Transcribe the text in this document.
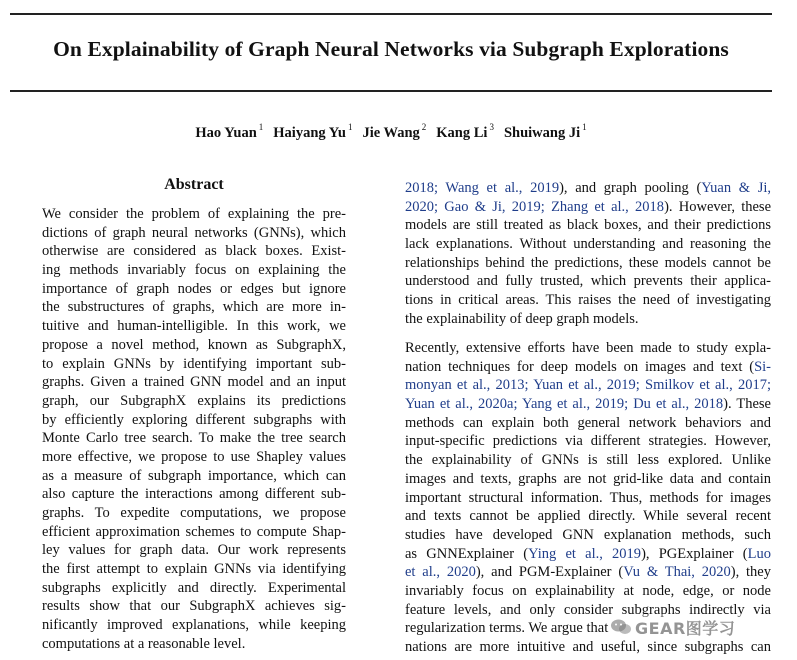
On Explainability of Graph Neural Networks via Subgraph Explorations
Hao Yuan $^1$ Haiyang Yu $^1$ Jie Wang $^2$ Kang Li $^3$ Shuiwang Ji $^1$
Abstract
We consider the problem of explaining the pre-
dictions of graph neural networks (GNNs), which
otherwise are considered as black boxes. Exist-
ing methods invariably focus on explaining the
importance of graph nodes or edges but ignore
the substructures of graphs, which are more in-
tuitive and human-intelligible. In this work, we
propose a novel method, known as SubgraphX,
to explain GNNs by identifying important sub-
graphs. Given a trained GNN model and an input
graph, our SubgraphX explains its predictions
by efficiently exploring different subgraphs with
Monte Carlo tree search. To make the tree search
more effective, we propose to use Shapley values
as a measure of subgraph importance, which can
also capture the interactions among different sub-
graphs. To expedite computations, we propose
efficient approximation schemes to compute Shap-
ley values for graph data. Our work represents
the first attempt to explain GNNs via identifying
subgraphs explicitly and directly. Experimental
results show that our SubgraphX achieves sig-
nificantly improved explanations, while keeping
computations at a reasonable level.
2018; Wang et al., 2019), and graph pooling (Yuan & Ji,
2020; Gao & Ji, 2019; Zhang et al., 2018). However, these
models are still treated as black boxes, and their predictions
lack explanations. Without understanding and reasoning the
relationships behind the predictions, these models cannot be
understood and fully trusted, which prevents their applica-
tions in critical areas. This raises the need of investigating
the explainability of deep graph models.
Recently, extensive efforts have been made to study expla-
nation techniques for deep models on images and text (Si-
monyan et al., 2013; Yuan et al., 2019; Smilkov et al., 2017;
Yuan et al., 2020a; Yang et al., 2019; Du et al., 2018). These
methods can explain both general network behaviors and
input-specific predictions via different strategies. However,
the explainability of GNNs is still less explored. Unlike
images and texts, graphs are not grid-like data and contain
important structural information. Thus, methods for images
and texts cannot be applied directly. While several recent
studies have developed GNN explanation methods, such
as GNNExplainer (Ying et al., 2019), PGExplainer (Luo
et al., 2020), and PGM-Explainer (Vu & Thai, 2020), they
invariably focus on explainability at node, edge, or node
feature levels, and only consider subgraphs indirectly via
regularization terms. We argue that
nations are more intuitive and useful, since subgraphs can
GEAR图学习
